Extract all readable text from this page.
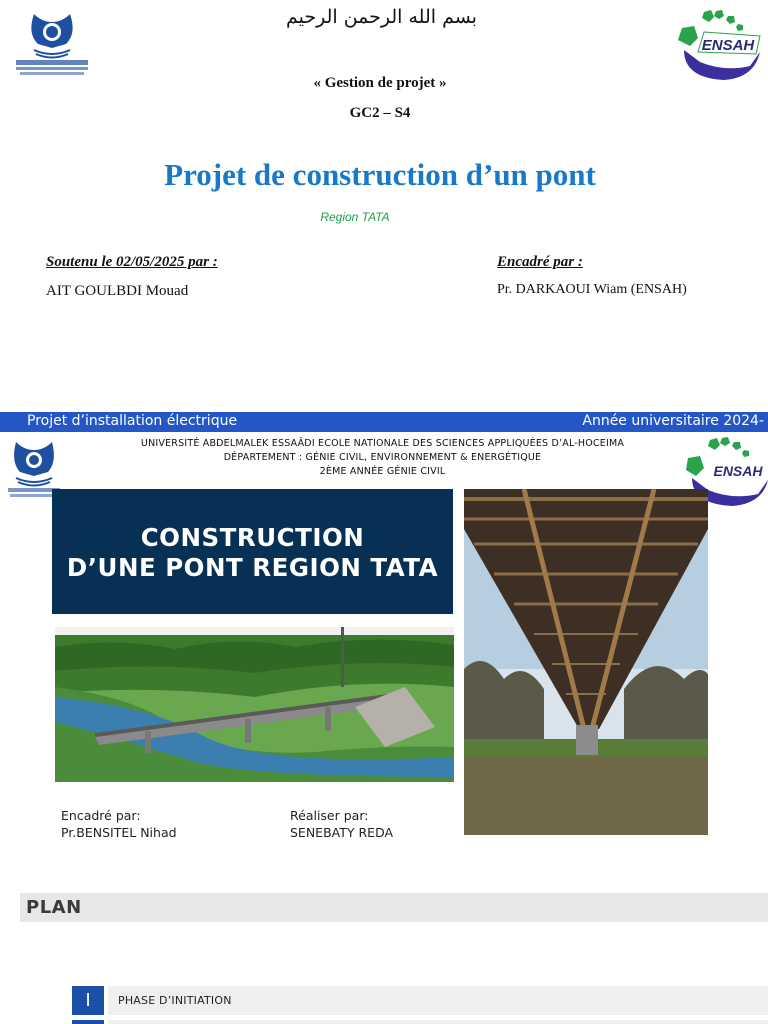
بسم الله الرحمن الرحيم
ENSAH
« Gestion de projet »
GC2 – S4
Projet de construction d’un pont
Region TATA
Soutenu le 02/05/2025 par :
AIT GOULBDI Mouad
Encadré par :
Pr. DARKAOUI Wiam (ENSAH)
Projet d’installation électrique	Année universitaire 2024-
UNIVERSITÉ ABDELMALEK ESSAÂDI ECOLE NATIONALE DES SCIENCES APPLIQUÉES D’AL-HOCEIMA
DÉPARTEMENT : GÉNIE CIVIL, ENVIRONNEMENT & ENERGÉTIQUE
2ÈME ANNÉE GÉNIE CIVIL	ENSAH
CONSTRUCTION
D’UNE PONT REGION TATA
Encadré par:
Pr.BENSITEL Nihad
Réaliser par:
SENEBATY REDA
PLAN
I	PHASE D’INITIATION
